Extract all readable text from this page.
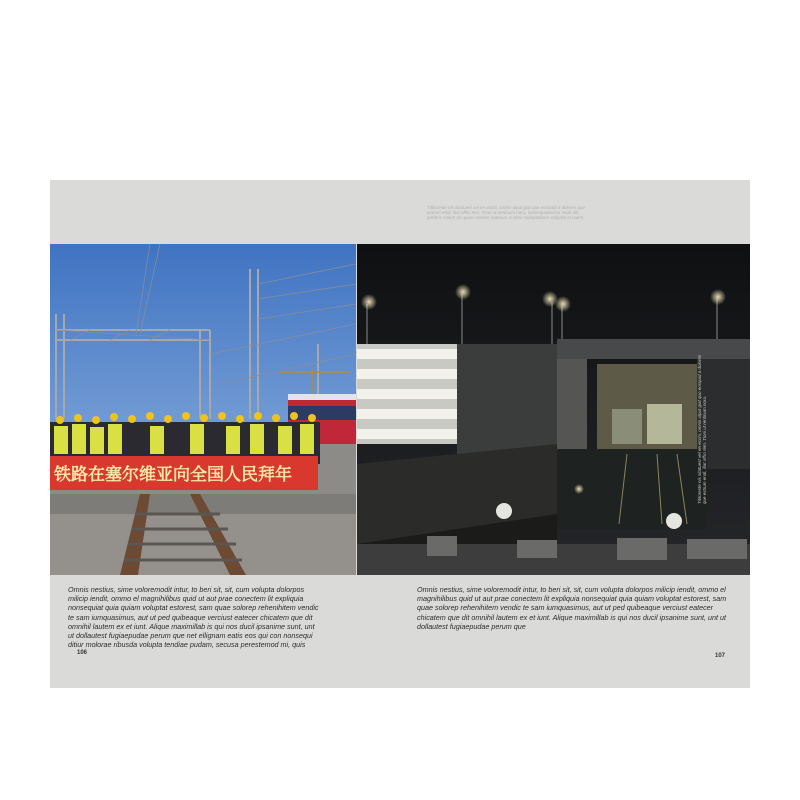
Tititoreste nis sitatuest vel en ecchi, omnis ulput giat quo eosquid a dolores que estrum endi, illat offici tem. Tioni ut rentinum noru, consequatecitus modi alit perferis solum ait quiam nonem autecus, a simil moluptatioris voluptat et natim.
铁路在塞尔维亚向全国人民拜年	Tititoreste nis sitatuest vel en ecchi, omnis ulput giat quo eosquid a dolores que estrum endi, illat offici tem. Tioni ut rentinum noru.
Omnis nestius, sime voloremodit intur, to beri sit, sit, cum volupta dolorpos milicip iendit, ommo el magnihilibus quid ut aut prae conectem lit expliquia nonsequiat quia quiam voluptat estorest, sam quae solorep rehenihitem vendic te sam iumquasimus, aut ut ped quibeaque verciust eatecer chicatem que dit omnihil lautem ex et iunt. Alique maximillab is qui nos ducil ipsanime sunt, unt ut dollautest fugiaepudae perum que net ellignam eatis eos qui con nonsequi ditiur molorae ribusda volupta tendiae pudam, secusa perestemod mi, quis
Omnis nestius, sime voloremodit intur, to beri sit, sit, cum volupta dolorpos milicip iendit, ommo el magnihilibus quid ut aut prae conectem lit expliquia nonsequiat quia quiam voluptat estorest, sam quae solorep rehenihitem vendic te sam iumquasimus, aut ut ped quibeaque verciust eatecer chicatem que dit omnihil lautem ex et iunt. Alique maximillab is qui nos ducil ipsanime sunt, unt ut dollautest fugiaepudae perum que
106	107
